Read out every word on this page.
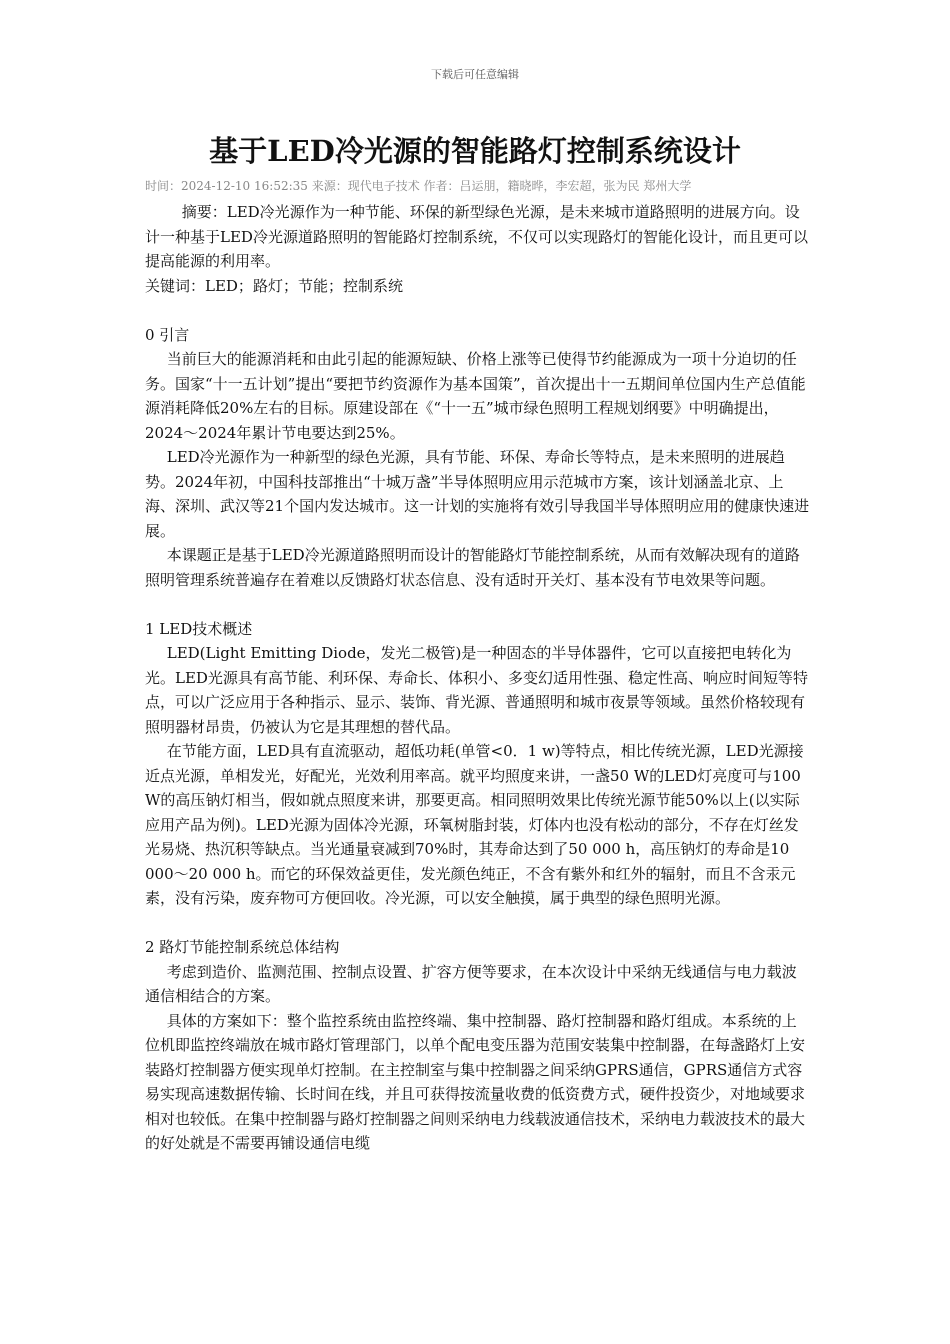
下载后可任意编辑
基于LED冷光源的智能路灯控制系统设计
时间：2024-12-10 16:52:35 来源：现代电子技术 作者：吕运朋，籍晓晔，李宏超，张为民 郑州大学

摘要：LED冷光源作为一种节能、环保的新型绿色光源，是未来城市道路照明的进展方向。设计一种基于LED冷光源道路照明的智能路灯控制系统，不仅可以实现路灯的智能化设计，而且更可以提高能源的利用率。

关键词：LED；路灯；节能；控制系统

0 引言

当前巨大的能源消耗和由此引起的能源短缺、价格上涨等已使得节约能源成为一项十分迫切的任务。国家“十一五计划”提出“要把节约资源作为基本国策”，首次提出十一五期间单位国内生产总值能源消耗降低20%左右的目标。原建设部在《“十一五”城市绿色照明工程规划纲要》中明确提出，2024～2024年累计节电要达到25%。

LED冷光源作为一种新型的绿色光源，具有节能、环保、寿命长等特点，是未来照明的进展趋势。2024年初，中国科技部推出“十城万盏”半导体照明应用示范城市方案，该计划涵盖北京、上海、深圳、武汉等21个国内发达城市。这一计划的实施将有效引导我国半导体照明应用的健康快速进展。

本课题正是基于LED冷光源道路照明而设计的智能路灯节能控制系统，从而有效解决现有的道路照明管理系统普遍存在着难以反馈路灯状态信息、没有适时开关灯、基本没有节电效果等问题。

1 LED技术概述

LED(Light Emitting Diode，发光二极管)是一种固态的半导体器件，它可以直接把电转化为光。LED光源具有高节能、利环保、寿命长、体积小、多变幻适用性强、稳定性高、响应时间短等特点，可以广泛应用于各种指示、显示、装饰、背光源、普通照明和城市夜景等领域。虽然价格较现有照明器材昂贵，仍被认为它是其理想的替代品。

在节能方面，LED具有直流驱动，超低功耗(单管<0．1 w)等特点，相比传统光源，LED光源接近点光源，单相发光，好配光，光效利用率高。就平均照度来讲，一盏50 W的LED灯亮度可与100 W的高压钠灯相当，假如就点照度来讲，那要更高。相同照明效果比传统光源节能50%以上(以实际应用产品为例)。LED光源为固体冷光源，环氧树脂封装，灯体内也没有松动的部分，不存在灯丝发光易烧、热沉积等缺点。当光通量衰减到70%时，其寿命达到了50 000 h，高压钠灯的寿命是10 000～20 000 h。而它的环保效益更佳，发光颜色纯正，不含有紫外和红外的辐射，而且不含汞元素，没有污染，废弃物可方便回收。冷光源，可以安全触摸，属于典型的绿色照明光源。

2 路灯节能控制系统总体结构

考虑到造价、监测范围、控制点设置、扩容方便等要求，在本次设计中采纳无线通信与电力载波通信相结合的方案。

具体的方案如下：整个监控系统由监控终端、集中控制器、路灯控制器和路灯组成。本系统的上位机即监控终端放在城市路灯管理部门，以单个配电变压器为范围安装集中控制器，在每盏路灯上安装路灯控制器方便实现单灯控制。在主控制室与集中控制器之间采纳GPRS通信，GPRS通信方式容易实现高速数据传输、长时间在线，并且可获得按流量收费的低资费方式，硬件投资少，对地域要求相对也较低。在集中控制器与路灯控制器之间则采纳电力线载波通信技术，采纳电力载波技术的最大的好处就是不需要再铺设通信电缆
